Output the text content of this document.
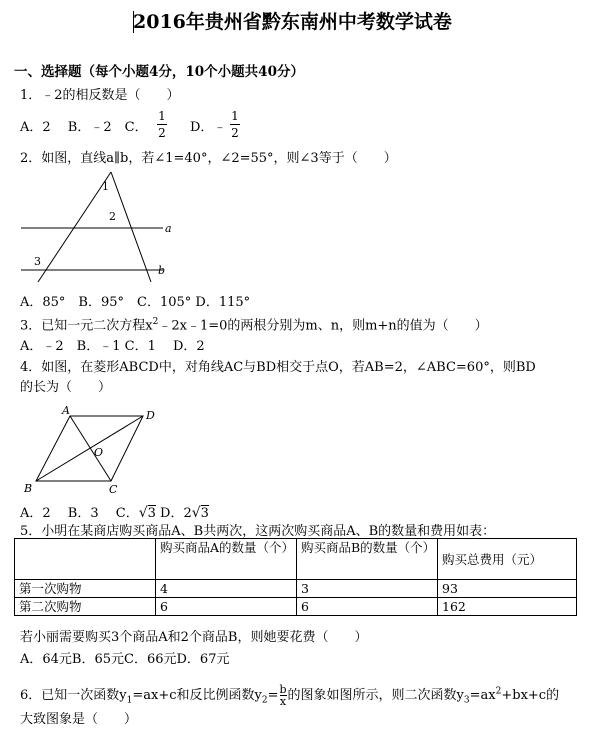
2016年贵州省黔东南州中考数学试卷
一、选择题（每个小题4分，10个小题共40分）
1．﹣2的相反数是（　　）
A．2　 B．﹣2　C．
1
2 D．﹣
1
2
2．如图，直线a∥b，若∠1=40°，∠2=55°，则∠3等于（　　）
1
2
3
a
b
A．85°　B．95°　C．105° D．115°
3．已知一元二次方程$x^2﹣2x﹣1=0$的两根分别为m、n，则m+n的值为（　　）
A．﹣2　B．﹣1 C．1　 D．2
4．如图，在菱形ABCD中，对角线AC与BD相交于点O，若AB=2，∠ABC=60°，则BD
的长为（　　）
A	D
B	C
O
A．2　 B．3　 C．√3 D．2√3
5．小明在某商店购买商品A、B共两次，这两次购买商品A、B的数量和费用如表：
	购买商品A的数量（个）	购买商品B的数量（个）	购买总费用（元）
第一次购物	4	3	93
第二次购物	6	6	162
若小丽需要购买3个商品A和2个商品B，则她要花费（　　）
A．64元B．65元C．66元D．67元
6．已知一次函数$y_1=ax+c$和反比例函数$y_2= \frac{b}{x}$ 的图象如图所示，则二次函数$y_3=ax^2+bx+c$的
大致图象是（　　）
